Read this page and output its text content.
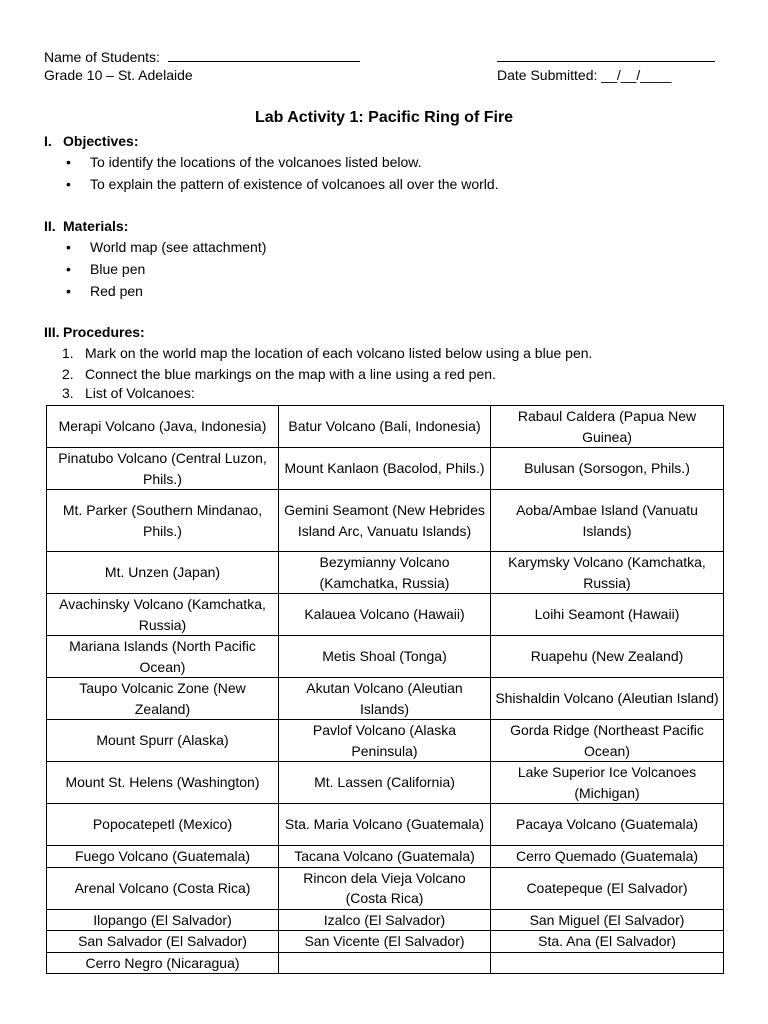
Name of Students:
Grade 10 – St. Adelaide	Date Submitted: __/__/____
Lab Activity 1: Pacific Ring of Fire
I. Objectives:
• To identify the locations of the volcanoes listed below.
• To explain the pattern of existence of volcanoes all over the world.
II. Materials:
• World map (see attachment)
• Blue pen
• Red pen
III. Procedures:
1. Mark on the world map the location of each volcano listed below using a blue pen.
2. Connect the blue markings on the map with a line using a red pen.
3. List of Volcanoes:
Merapi Volcano (Java, Indonesia)	Batur Volcano (Bali, Indonesia)	Rabaul Caldera (Papua New Guinea)
Pinatubo Volcano (Central Luzon, Phils.)	Mount Kanlaon (Bacolod, Phils.)	Bulusan (Sorsogon, Phils.)
Mt. Parker (Southern Mindanao, Phils.)	Gemini Seamont (New Hebrides Island Arc, Vanuatu Islands)	Aoba/Ambae Island (Vanuatu Islands)
Mt. Unzen (Japan)	Bezymianny Volcano (Kamchatka, Russia)	Karymsky Volcano (Kamchatka, Russia)
Avachinsky Volcano (Kamchatka, Russia)	Kalauea Volcano (Hawaii)	Loihi Seamont (Hawaii)
Mariana Islands (North Pacific Ocean)	Metis Shoal (Tonga)	Ruapehu (New Zealand)
Taupo Volcanic Zone (New Zealand)	Akutan Volcano (Aleutian Islands)	Shishaldin Volcano (Aleutian Island)
Mount Spurr (Alaska)	Pavlof Volcano (Alaska Peninsula)	Gorda Ridge (Northeast Pacific Ocean)
Mount St. Helens (Washington)	Mt. Lassen (California)	Lake Superior Ice Volcanoes (Michigan)
Popocatepetl (Mexico)	Sta. Maria Volcano (Guatemala)	Pacaya Volcano (Guatemala)
Fuego Volcano (Guatemala)	Tacana Volcano (Guatemala)	Cerro Quemado (Guatemala)
Arenal Volcano (Costa Rica)	Rincon dela Vieja Volcano (Costa Rica)	Coatepeque (El Salvador)
Ilopango (El Salvador)	Izalco (El Salvador)	San Miguel (El Salvador)
San Salvador (El Salvador)	San Vicente (El Salvador)	Sta. Ana (El Salvador)
Cerro Negro (Nicaragua)		
